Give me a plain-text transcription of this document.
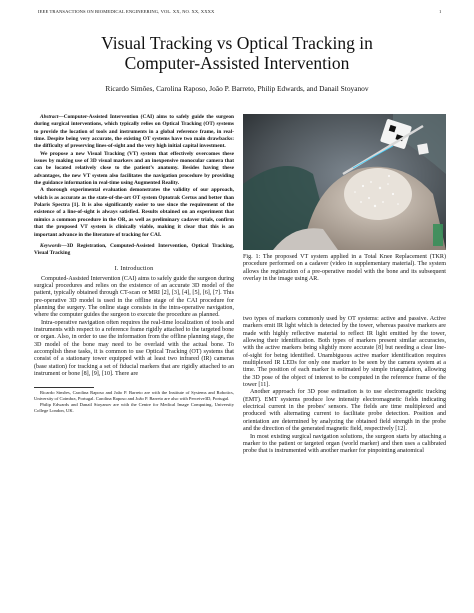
IEEE TRANSACTIONS ON BIOMEDICAL ENGINEERING, VOL. XX, NO. XX, XXXX	1
Visual Tracking vs Optical Tracking in
Computer-Assisted Intervention
Ricardo Simões, Carolina Raposo, João P. Barreto, Philip Edwards, and Danail Stoyanov

Abstract—Computer-Assisted Intervention (CAI) aims to safely guide the surgeon during surgical interventions, which typically relies on Optical Tracking (OT) systems to provide the location of tools and instruments in a global reference frame, in real-time. Despite being very accurate, the existing OT systems have two main drawbacks: the difficulty of preserving lines-of-sight and the very high initial capital investment.

We propose a new Visual Tracking (VT) system that effectively overcomes these issues by making use of 3D visual markers and an inexpensive monocular camera that can be located relatively close to the patient’s anatomy. Besides having these advantages, the new VT system also facilitates the navigation procedure by providing the guidance information in real-time using Augmented Reality.

A thorough experimental evaluation demonstrates the validity of our approach, which is as accurate as the state-of-the-art OT system Optotrak Certus and better than Polaris Spectra [1]. It is also significantly easier to use since the requirement of the existence of a line-of-sight is always satisfied. Results obtained on an experiment that mimics a common procedure in the OR, as well as preliminary cadaver trials, confirm that the proposed VT system is clinically viable, making it clear that this is an important advance in the literature of tracking for CAI.

Keywords—3D Registration, Computed-Assisted Intervention, Optical Tracking, Visual Tracking

I. Introduction

Computed-Assisted Intervention (CAI) aims to safely guide the surgeon during surgical procedures and relies on the existence of an accurate 3D model of the patient, typically obtained through CT-scan or MRI [2], [3], [4], [5], [6], [7]. This pre-operative 3D model is used in the offline stage of the CAI procedure for planning the surgery. The online stage consists in the intra-operative navigation, where the computer guides the surgeon to execute the procedure as planned.

Intra-operative navigation often requires the real-time localization of tools and instruments with respect to a reference frame rigidly attached to the targeted bone or organ. Also, in order to use the information from the offline planning stage, the 3D model of the bone may need to be overlaid with the actual bone. To accomplish these tasks, it is common to use Optical Tracking (OT) systems that consist of a stationary tower equipped with at least two infrared (IR) cameras (base station) for tracking a set of fiducial markers that are rigidly attached to an instrument or bone [8], [9], [10]. There are

Ricardo Simões, Carolina Raposo and João P. Barreto are with the Institute of Systems and Robotics, University of Coimbra, Portugal. Carolina Raposo and João P. Barreto are also with Perceive3D, Portugal.

Philip Edwards and Danail Stoyanov are with the Centre for Medical Image Computing, University College London, UK.

Fig. 1: The proposed VT system applied in a Total Knee Replacement (TKR) procedure performed on a cadaver (video in supplementary material). The system allows the registration of a pre-operative model with the bone and its subsequent overlay in the image using AR.

two types of markers commonly used by OT systems: active and passive. Active markers emit IR light which is detected by the tower, whereas passive markers are made with highly reflective material to reflect IR light emitted by the tower, allowing their identification. Both types of markers present similar accuracies, with the active markers being slightly more accurate [8] but needing a clear line-of-sight for being identified. Unambiguous active marker identification requires multiplexed IR LEDs for only one marker to be seen by the camera system at a time. The position of each marker is estimated by simple triangulation, allowing the 3D pose of the object of interest to be computed in the reference frame of the tower [11].

Another approach for 3D pose estimation is to use electromagnetic tracking (EMT). EMT systems produce low intensity electromagnetic fields indicating electrical current in the probes’ sensors. The fields are time multiplexed and produced with alternating current to facilitate probe detection. Position and orientation are determined by analyzing the obtained field strength in the probe and the direction of the generated magnetic field, respectively [12].

In most existing surgical navigation solutions, the surgeon starts by attaching a marker to the patient or targeted organ (world marker) and then uses a calibrated probe that is instrumented with another marker for pinpointing anatomical
